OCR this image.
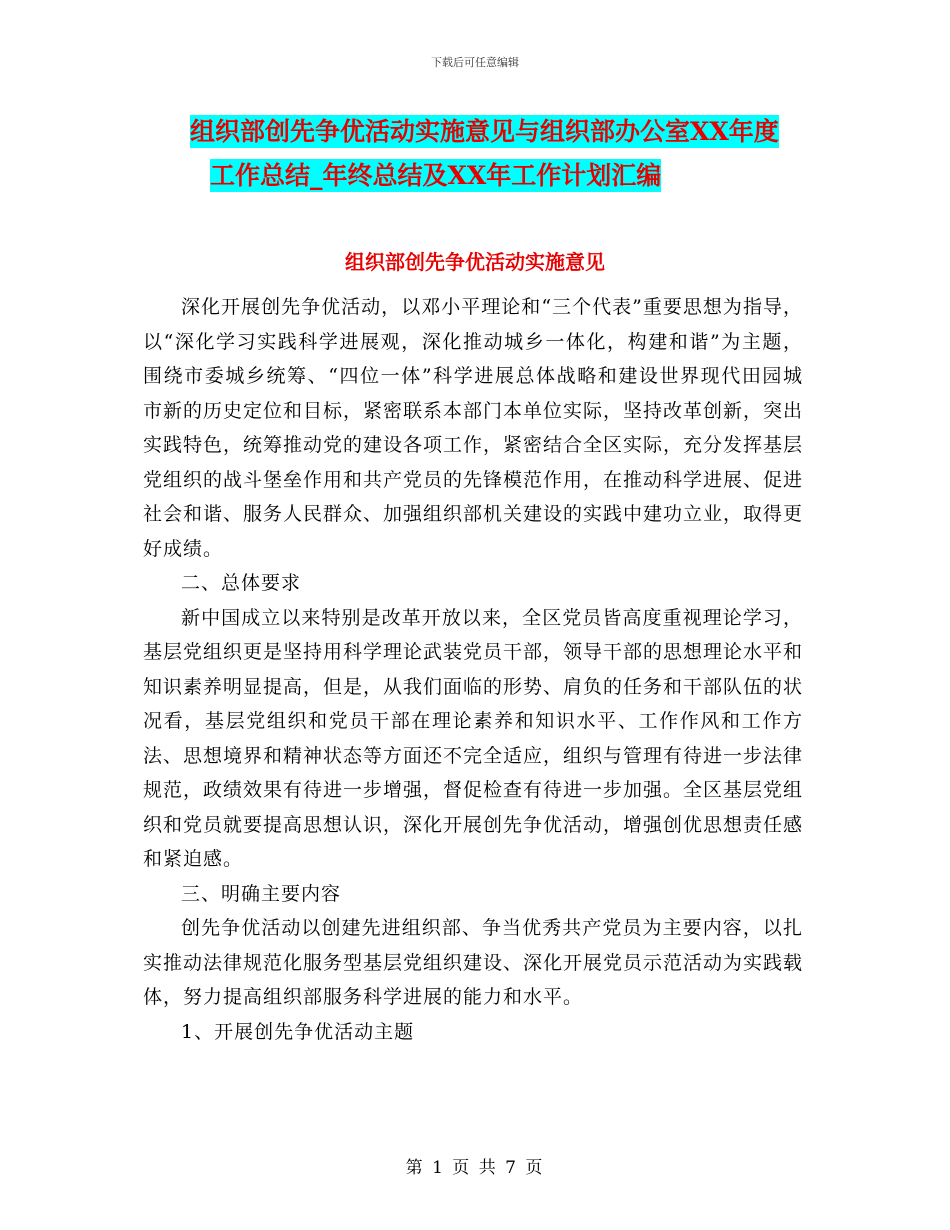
下载后可任意编辑
组织部创先争优活动实施意见与组织部办公室XX年度
工作总结_年终总结及XX年工作计划汇编
组织部创先争优活动实施意见

深化开展创先争优活动，以邓小平理论和“三个代表”重要思想为指导，以“深化学习实践科学进展观，深化推动城乡一体化，构建和谐”为主题，围绕市委城乡统筹、“四位一体”科学进展总体战略和建设世界现代田园城市新的历史定位和目标，紧密联系本部门本单位实际，坚持改革创新，突出实践特色，统筹推动党的建设各项工作，紧密结合全区实际，充分发挥基层党组织的战斗堡垒作用和共产党员的先锋模范作用，在推动科学进展、促进社会和谐、服务人民群众、加强组织部机关建设的实践中建功立业，取得更好成绩。

二、总体要求

新中国成立以来特别是改革开放以来，全区党员皆高度重视理论学习，基层党组织更是坚持用科学理论武装党员干部，领导干部的思想理论水平和知识素养明显提高，但是，从我们面临的形势、肩负的任务和干部队伍的状况看，基层党组织和党员干部在理论素养和知识水平、工作作风和工作方法、思想境界和精神状态等方面还不完全适应，组织与管理有待进一步法律规范，政绩效果有待进一步增强，督促检查有待进一步加强。全区基层党组织和党员就要提高思想认识，深化开展创先争优活动，增强创优思想责任感和紧迫感。

三、明确主要内容

创先争优活动以创建先进组织部、争当优秀共产党员为主要内容，以扎实推动法律规范化服务型基层党组织建设、深化开展党员示范活动为实践载体，努力提高组织部服务科学进展的能力和水平。

1、开展创先争优活动主题

第 1 页 共 7 页
